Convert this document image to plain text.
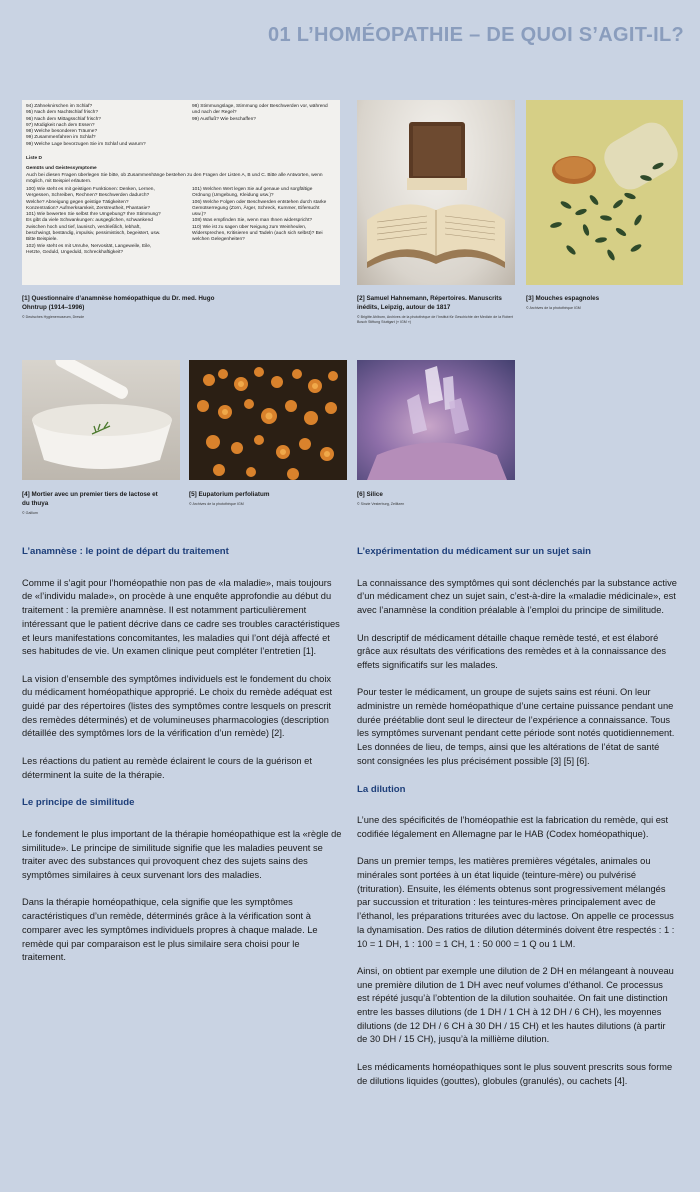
01 L’HOMÉOPATHIE – DE QUOI S’AGIT-IL?
94) Zähneknirschen im Schlaf?
95) Nach dem Nachtschlaf frisch?
96) Nach dem Mittagsschlaf frisch?
97) Müdigkeit nach dem Essen?
98) Welche besonderen Träume?
99) Zusammenfahren im Schlaf?
99) Welche Lage bevorzugen Sie im Schlaf und warum?
98) Stimmungslage, Stimmung oder Beschwerden vor, während und nach der Regel?
99) Ausfluß? Wie beschaffen?
Liste D
Gemüts und Geistessymptome
Auch bei diesen Fragen überlegen Sie bitte, ob Zusammenhänge bestehen zu den Fragen der Listen A, B und C. Bitte alle Antworten, wenn möglich, mit Beispiel erläutern.
100) Wie steht es mit geistigen Funktionen: Denken, Lernen, Vergessen, Schreiben, Rechnen? Beschwerden dadurch? Welche? Abneigung gegen geistige Tätigkeiten? Konzentration? Aufmerksamkeit, Zerstreutheit, Phantasie?
101) Wie bewerten Sie selbst Ihre Umgebung? Ihre Stimmung? Es gibt da viele Schwankungen: ausgeglichen, schwankend zwischen hoch und tief, launisch, verdrießlich, lebhaft, beschwingt, beständig, impulsiv, pessimistisch, begeistert, usw. Bitte Beispiele.
102) Wie steht es mit Unruhe, Nervosität, Langeweile, Eile, Hetzte, Geduld, Ungeduld, Schreckhaftigkeit?
101) Welchen Wert legen Sie auf genaue und sorgfältige Ordnung (Umgebung, Kleidung usw.)?
106) Welche Folgen oder Beschwerden entstehen durch starke Gemütserregung (Zorn, Ärger, Schreck, Kummer, Eifersucht usw.)?
108) Was empfinden Sie, wenn man Ihnen widerspricht?
110) Wie ist zu sagen über Neigung zum Weinheulen, Widersprechen, Kritisieren und Tadeln (auch sich selbst)? Bei welchen Gelegenheiten?
[1] Questionnaire d’anamnèse homéopathique du Dr. med. Hugo Ohntrup (1914–1996)
© Deutsches Hygienemuseum, Dresde
[2] Samuel Hahnemann, Répertoires. Manuscrits inédits, Leipzig, autour de 1817
© Brigitte Ahlborn, Archives de la photothèque de l’Institut für Geschichte der Medizin de la Robert Bosch Stiftung Stuttgart (« IGM »)
[3] Mouches espagnoles
© Archives de la photothèque IGM
[4] Mortier avec un premier tiers de lactose et du thuya
© Gallium
[5] Eupatorium perfoliatum
© Archives de la photothèque IGM
[6] Silice
© Sinzie Vesterburg, Zeilitzen
L’anamnèse : le point de départ du traitement

Comme il s’agit pour l’homéopathie non pas de «la maladie», mais toujours de «l’individu malade», on procède à une enquête approfondie au début du traitement : la première anamnèse. Il est notamment particulièrement intéressant que le patient décrive dans ce cadre ses troubles caractéristiques et leurs manifestations concomitantes, les maladies qui l’ont déjà affecté et ses habitudes de vie. Un examen clinique peut compléter l’entretien [1].

La vision d’ensemble des symptômes individuels est le fondement du choix du médicament homéopathique approprié. Le choix du remède adéquat est guidé par des répertoires (listes des symptômes contre lesquels on prescrit des remèdes déterminés) et de volumineuses pharmacologies (description détaillée des symptômes lors de la vérification d’un remède) [2].

Les réactions du patient au remède éclairent le cours de la guérison et déterminent la suite de la thérapie.

Le principe de similitude

Le fondement le plus important de la thérapie homéopathique est la «règle de similitude». Le principe de similitude signifie que les maladies peuvent se traiter avec des substances qui provoquent chez des sujets sains des symptômes similaires à ceux survenant lors des maladies.

Dans la thérapie homéopathique, cela signifie que les symptômes caractéristiques d’un remède, déterminés grâce à la vérification sont à comparer avec les symptômes individuels propres à chaque malade. Le remède qui par comparaison est le plus similaire sera choisi pour le traitement.

L’expérimentation du médicament sur un sujet sain

La connaissance des symptômes qui sont déclenchés par la substance active d’un médicament chez un sujet sain, c’est-à-dire la «maladie médicinale», est avec l’anamnèse la condition préalable à l’emploi du principe de similitude.

Un descriptif de médicament détaille chaque remède testé, et est élaboré grâce aux résultats des vérifications des remèdes et à la connaissance des effets significatifs sur les malades.

Pour tester le médicament, un groupe de sujets sains est réuni. On leur administre un remède homéopathique d’une certaine puissance pendant une durée préétablie dont seul le directeur de l’expérience a connaissance. Tous les symptômes survenant pendant cette période sont notés quotidiennement. Les données de lieu, de temps, ainsi que les altérations de l’état de santé sont consignées les plus précisément possible [3] [5] [6].

La dilution

L’une des spécificités de l’homéopathie est la fabrication du remède, qui est codifiée légalement en Allemagne par le HAB (Codex homéopathique).

Dans un premier temps, les matières premières végétales, animales ou minérales sont portées à un état liquide (teinture-mère) ou pulvérisé (trituration). Ensuite, les éléments obtenus sont progressivement mélangés par succussion et trituration : les teintures-mères principalement avec de l’éthanol, les préparations triturées avec du lactose. On appelle ce processus la dynamisation. Des ratios de dilution déterminés doivent être respectés : 1 : 10 = 1 DH, 1 : 100 = 1 CH, 1 : 50 000 = 1 Q ou 1 LM.

Ainsi, on obtient par exemple une dilution de 2 DH en mélangeant à nouveau une première dilution de 1 DH avec neuf volumes d’éthanol. Ce processus est répété jusqu’à l’obtention de la dilution souhaitée. On fait une distinction entre les basses dilutions (de 1 DH / 1 CH à 12 DH / 6 CH), les moyennes dilutions (de 12 DH / 6 CH à 30 DH / 15 CH) et les hautes dilutions (à partir de 30 DH / 15 CH), jusqu’à la millième dilution.

Les médicaments homéopathiques sont le plus souvent prescrits sous forme de dilutions liquides (gouttes), globules (granulés), ou cachets [4].
